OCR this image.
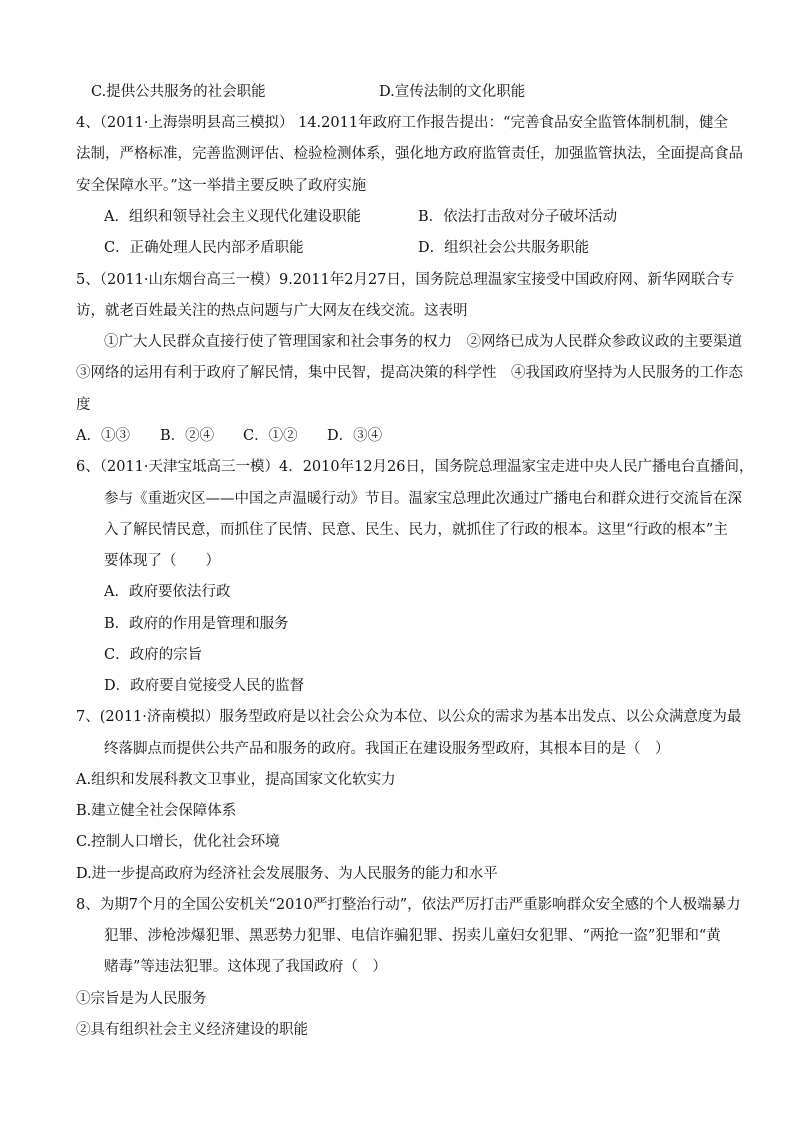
C.提供公共服务的社会职能	D.宣传法制的文化职能
4、（2011·上海崇明县高三模拟） 14.2011年政府工作报告提出：“完善食品安全监管体制机制，健全
法制，严格标准，完善监测评估、检验检测体系，强化地方政府监管责任，加强监管执法，全面提高食品
安全保障水平。”这一举措主要反映了政府实施
A．组织和领导社会主义现代化建设职能	B．依法打击敌对分子破坏活动
C．正确处理人民内部矛盾职能	D．组织社会公共服务职能
5、（2011·山东烟台高三一模）9.2011年2月27日，国务院总理温家宝接受中国政府网、新华网联合专
访，就老百姓最关注的热点问题与广大网友在线交流。这表明
①广大人民群众直接行使了管理国家和社会事务的权力　②网络已成为人民群众参政议政的主要渠道
③网络的运用有利于政府了解民情，集中民智，提高决策的科学性　④我国政府坚持为人民服务的工作态
度
A．①③ B．②④ C．①② D．③④
6、（2011·天津宝坻高三一模）4．2010年12月26日，国务院总理温家宝走进中央人民广播电台直播间，
参与《重逝灾区——中国之声温暖行动》节目。温家宝总理此次通过广播电台和群众进行交流旨在深
入了解民情民意，而抓住了民情、民意、民生、民力，就抓住了行政的根本。这里“行政的根本”主
要体现了（　　）
A．政府要依法行政
B．政府的作用是管理和服务
C．政府的宗旨
D．政府要自觉接受人民的监督
7、(2011·济南模拟）服务型政府是以社会公众为本位、以公众的需求为基本出发点、以公众满意度为最
终落脚点而提供公共产品和服务的政府。我国正在建设服务型政府，其根本目的是（　）
A.组织和发展科教文卫事业，提高国家文化软实力
B.建立健全社会保障体系
C.控制人口增长，优化社会环境
D.进一步提高政府为经济社会发展服务、为人民服务的能力和水平
8、为期7个月的全国公安机关“2010严打整治行动”，依法严厉打击严重影响群众安全感的个人极端暴力
犯罪、涉枪涉爆犯罪、黑恶势力犯罪、电信诈骗犯罪、拐卖儿童妇女犯罪、“两抢一盗”犯罪和“黄
赌毒”等违法犯罪。这体现了我国政府（　）
①宗旨是为人民服务
②具有组织社会主义经济建设的职能
